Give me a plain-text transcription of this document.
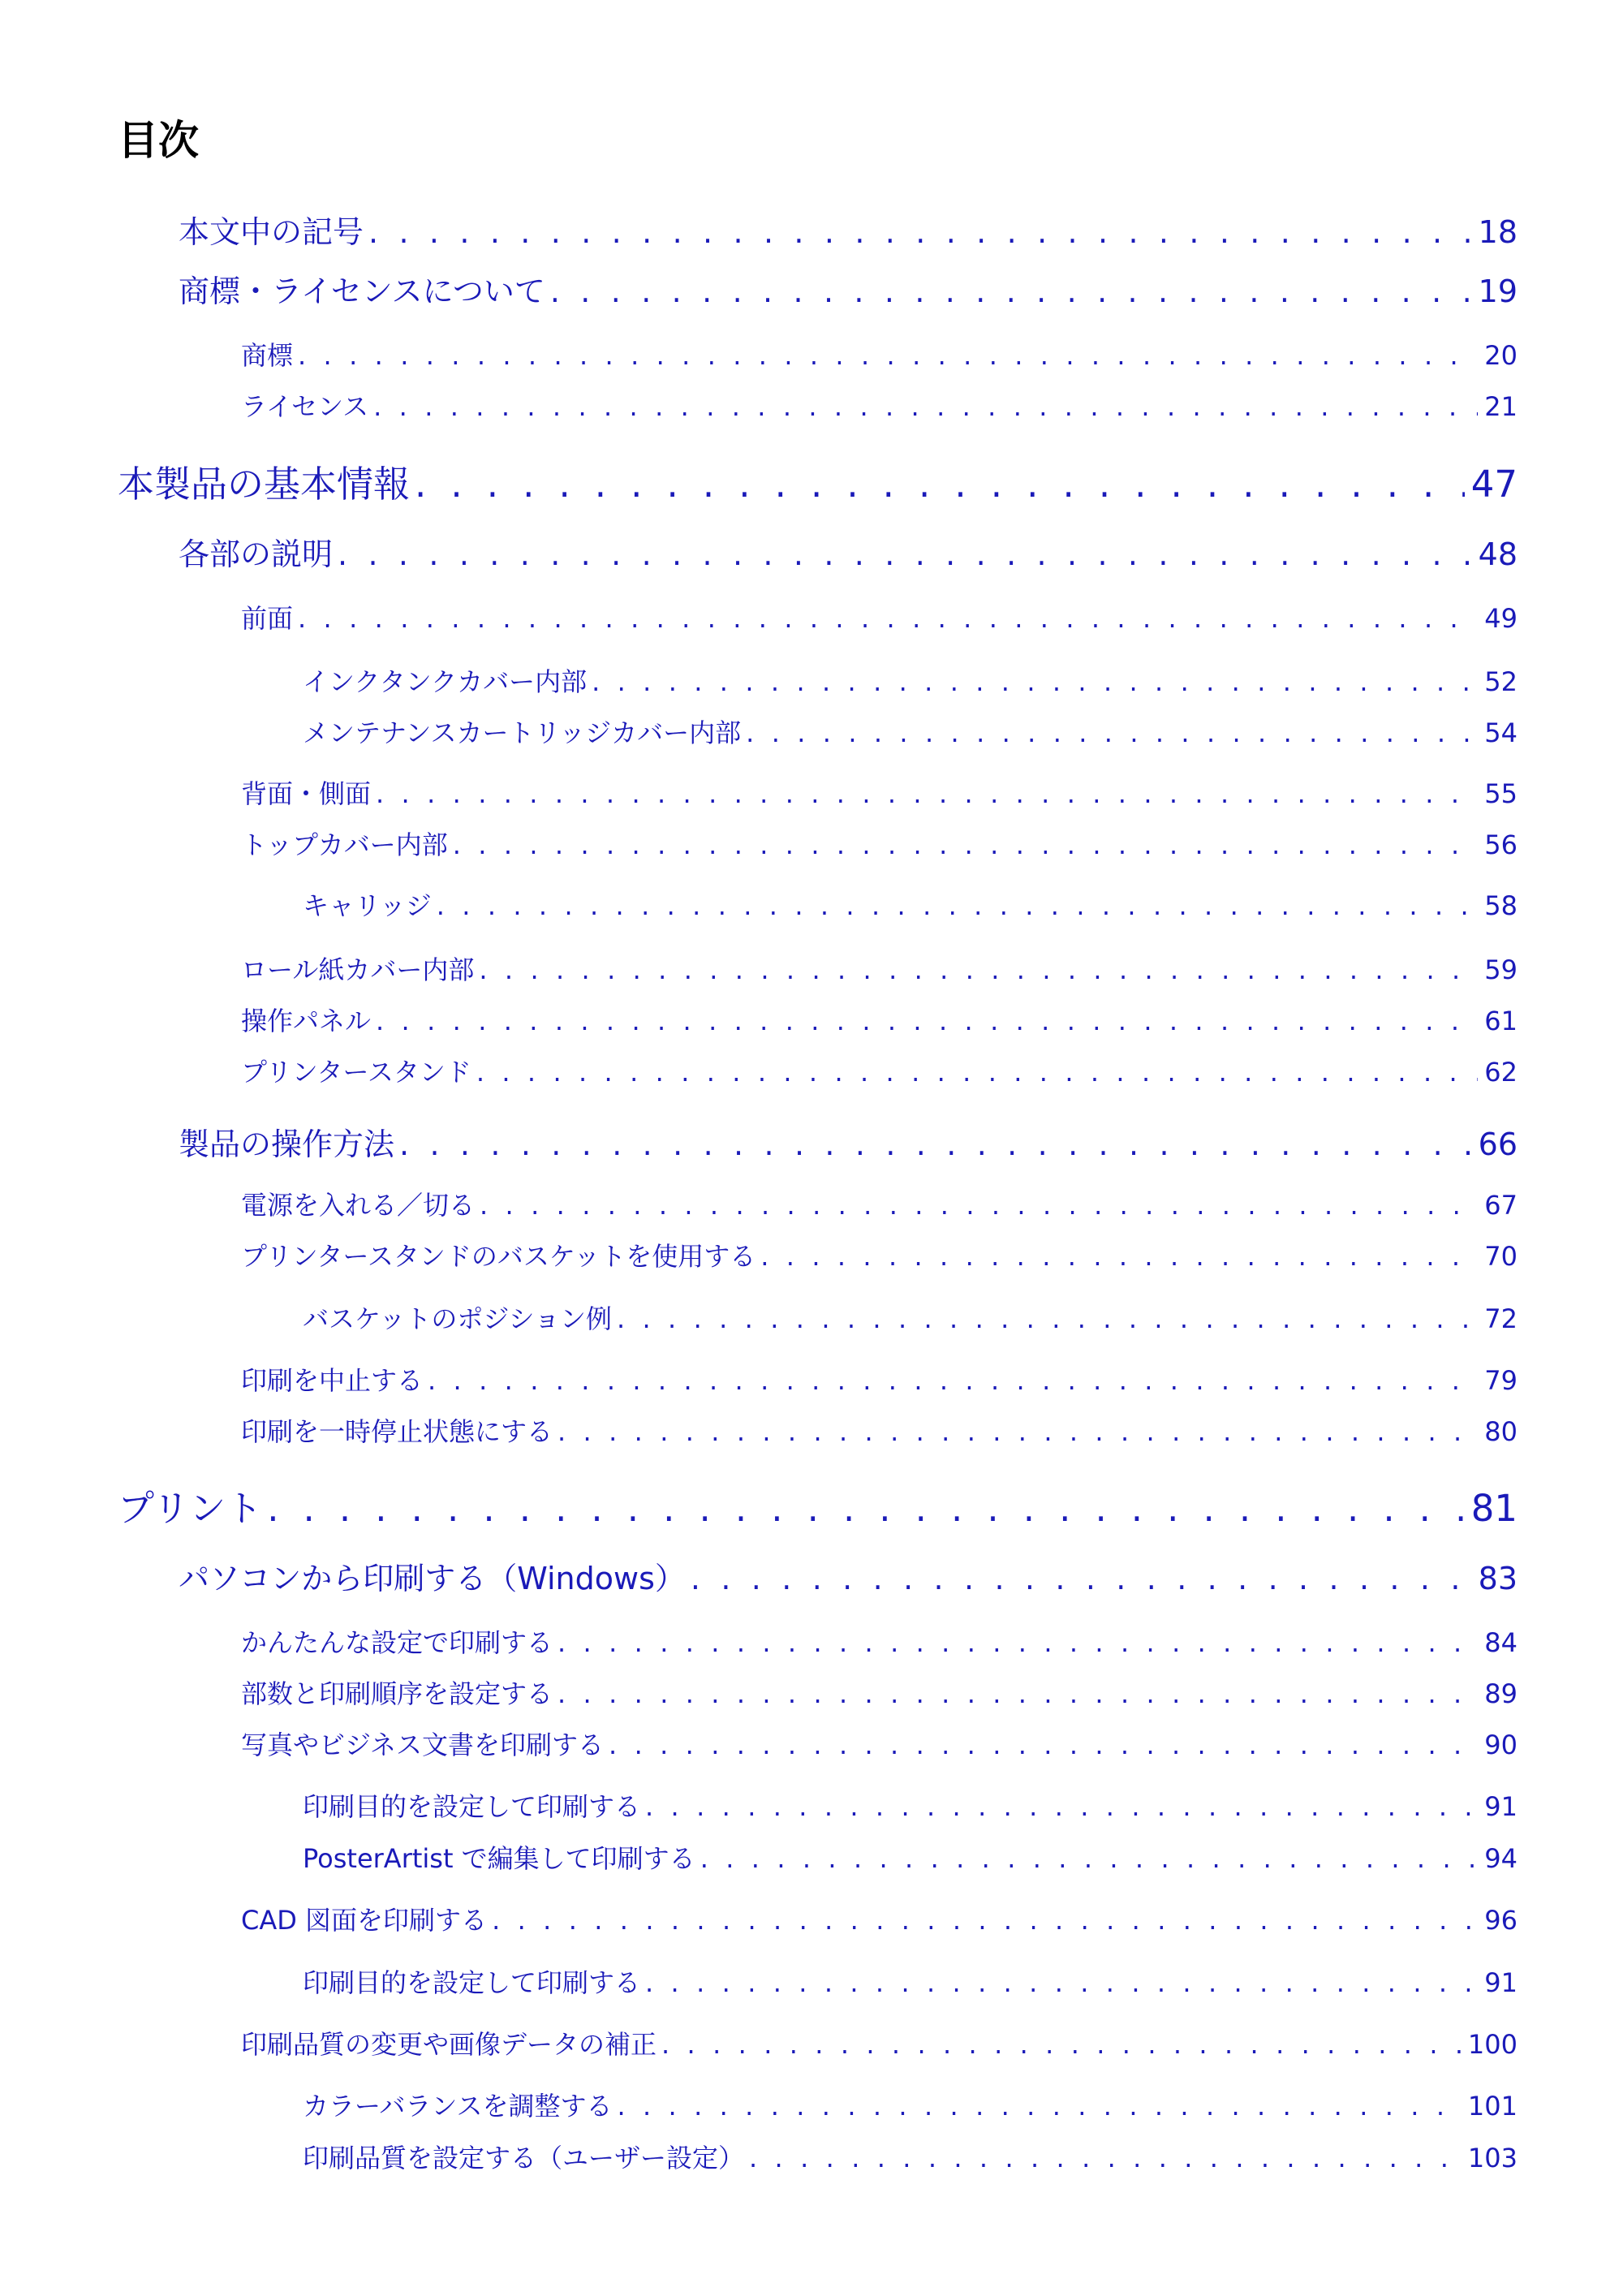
目次
本文中の記号 . . .	18
商標・ライセンスについて . . .	19
商標 . . .	20
ライセンス . . .	21
本製品の基本情報 . . .	47
各部の説明 . . .	48
前面 . . .	49
インクタンクカバー内部 . . .	52
メンテナンスカートリッジカバー内部 . . .	54
背面・側面 . . .	55
トップカバー内部 . . .	56
キャリッジ . . .	58
ロール紙カバー内部 . . .	59
操作パネル . . .	61
プリンタースタンド . . .	62
製品の操作方法 . . .	66
電源を入れる／切る . . .	67
プリンタースタンドのバスケットを使用する . . .	70
バスケットのポジション例 . . .	72
印刷を中止する . . .	79
印刷を一時停止状態にする . . .	80
プリント . . .	81
パソコンから印刷する（Windows） . . .	83
かんたんな設定で印刷する . . .	84
部数と印刷順序を設定する . . .	89
写真やビジネス文書を印刷する . . .	90
印刷目的を設定して印刷する . . .	91
PosterArtist で編集して印刷する . . .	94
CAD 図面を印刷する . . .	96
印刷目的を設定して印刷する . . .	91
印刷品質の変更や画像データの補正 . . .	100
カラーバランスを調整する . . .	101
印刷品質を設定する（ユーザー設定） . . .	103
